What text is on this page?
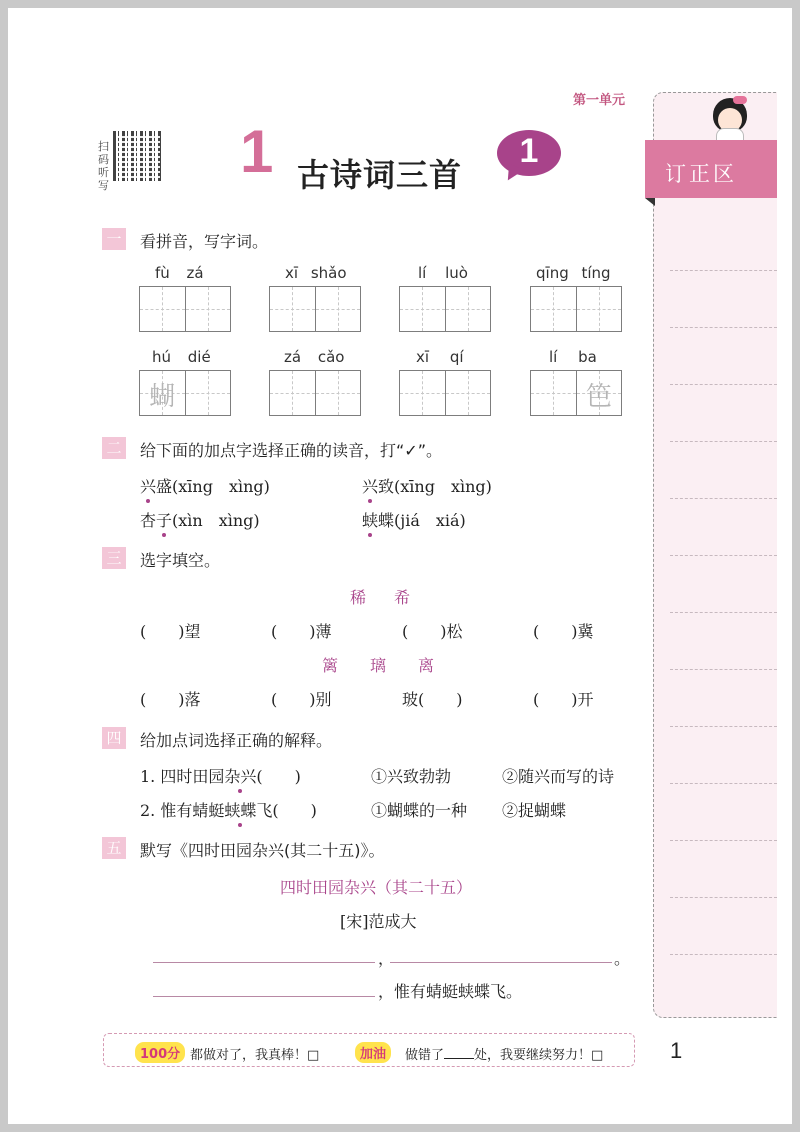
第一单元
扫码听写
1 古诗词三首
1
订正区
一 看拼音，写字词。
fù zá	xī shǎo	lí luò	qīng tíng
hú dié	zá cǎo	xī qí	lí ba
蝴	笆
二 给下面的加点字选择正确的读音，打“✓”。
兴盛(xīng　xìng)	兴致(xīng　xìng)
杏子(xìn　xìng)	蛱蝶(jiá　xiá)
三 选字填空。
稀　希
(　　)望	(　　)薄	(　　)松	(　　)冀
篱　璃　离
(　　)落	(　　)别	玻(　　)	(　　)开
四 给加点词选择正确的解释。
1. 四时田园杂兴(　　)	①兴致勃勃	②随兴而写的诗
2. 惟有蜻蜓蛱蝶飞(　　)	①蝴蝶的一种 ②捉蝴蝶
五 默写《四时田园杂兴(其二十五)》。
四时田园杂兴（其二十五）
[宋]范成大
，	。
，惟有蜻蜓蛱蝶飞。
100分 都做对了，我真棒！□	加油	做错了 处，我要继续努力！□	1
